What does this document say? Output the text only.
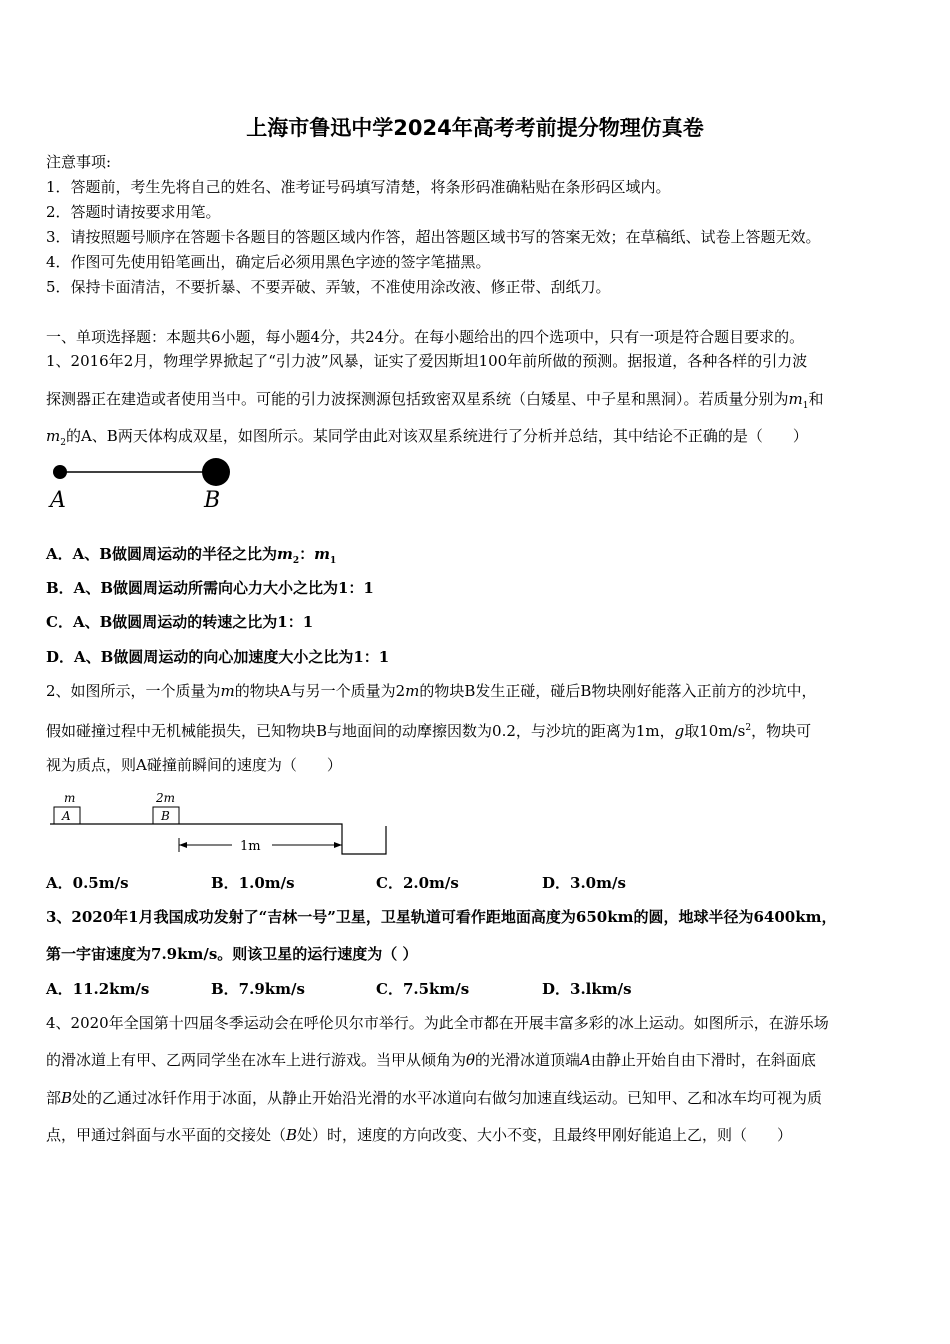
上海市鲁迅中学2024年高考考前提分物理仿真卷
注意事项:
1．答题前，考生先将自己的姓名、准考证号码填写清楚，将条形码准确粘贴在条形码区域内。
2．答题时请按要求用笔。
3．请按照题号顺序在答题卡各题目的答题区域内作答，超出答题区域书写的答案无效；在草稿纸、试卷上答题无效。
4．作图可先使用铅笔画出，确定后必须用黑色字迹的签字笔描黑。
5．保持卡面清洁，不要折暴、不要弄破、弄皱，不准使用涂改液、修正带、刮纸刀。
一、单项选择题：本题共6小题，每小题4分，共24分。在每小题给出的四个选项中，只有一项是符合题目要求的。
1、2016年2月，物理学界掀起了“引力波”风暴，证实了爱因斯坦100年前所做的预测。据报道，各种各样的引力波
探测器正在建造或者使用当中。可能的引力波探测源包括致密双星系统（白矮星、中子星和黑洞）。若质量分别为$m_1$和
$m_2$的A、B两天体构成双星，如图所示。某同学由此对该双星系统进行了分析并总结，其中结论不正确的是（　　）
A	B
A．A、B做圆周运动的半径之比为$m_2$：$m_1$
B．A、B做圆周运动所需向心力大小之比为1：1
C．A、B做圆周运动的转速之比为1：1
D．A、B做圆周运动的向心加速度大小之比为1：1
2、如图所示，一个质量为m的物块A与另一个质量为2m的物块B发生正碰，碰后B物块刚好能落入正前方的沙坑中，
假如碰撞过程中无机械能损失，已知物块B与地面间的动摩擦因数为0.2，与沙坑的距离为1m，g取$10m/s^2$，物块可
视为质点，则A碰撞前瞬间的速度为（　　）
m	2m
A	B
1m
A．0.5m/s	B．1.0m/s	C．2.0m/s	D．3.0m/s
3、2020年1月我国成功发射了“吉林一号”卫星，卫星轨道可看作距地面高度为650km的圆，地球半径为6400km，
第一宇宙速度为7.9km/s。则该卫星的运行速度为（ ）
A．11.2km/s	B．7.9km/s	C．7.5km/s	D．3.lkm/s
4、2020年全国第十四届冬季运动会在呼伦贝尔市举行。为此全市都在开展丰富多彩的冰上运动。如图所示，在游乐场
的滑冰道上有甲、乙两同学坐在冰车上进行游戏。当甲从倾角为θ的光滑冰道顶端A由静止开始自由下滑时，在斜面底
部B处的乙通过冰钎作用于冰面，从静止开始沿光滑的水平冰道向右做匀加速直线运动。已知甲、乙和冰车均可视为质
点，甲通过斜面与水平面的交接处（B处）时，速度的方向改变、大小不变，且最终甲刚好能追上乙，则（　　）
